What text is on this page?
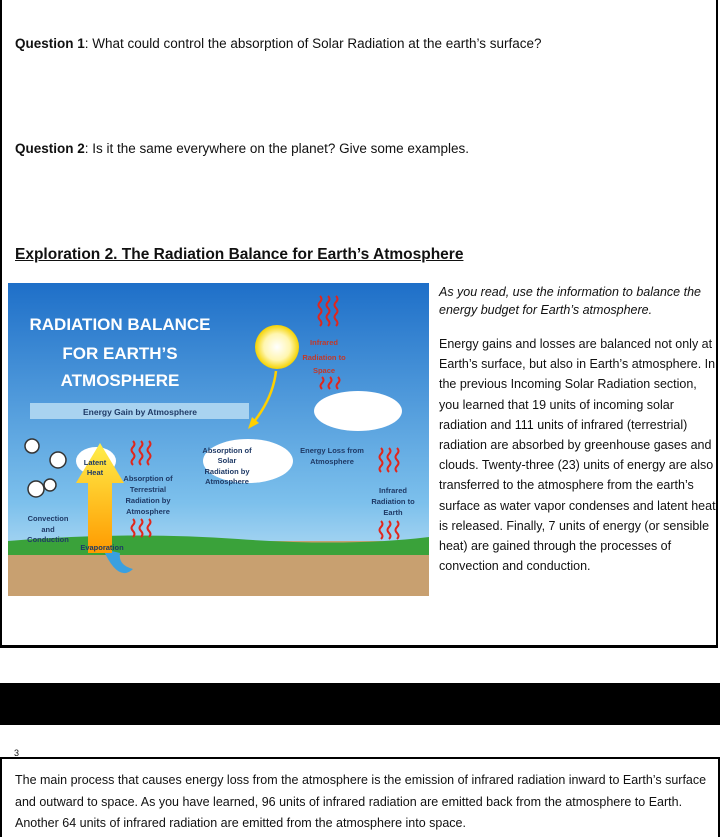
Question 1: What could control the absorption of Solar Radiation at the earth’s surface?
Question 2: Is it the same everywhere on the planet? Give some examples.
Exploration 2. The Radiation Balance for Earth’s Atmosphere
RADIATION BALANCE
FOR EARTH’S
ATMOSPHERE
Energy Gain by Atmosphere
Infrared
Radiation to
Space
Absorption of
Solar
Radiation by
Atmosphere
Energy Loss from
Atmosphere
Latent
Heat
Absorption of
Terrestrial
Radiation by
Atmosphere
Infrared
Radiation to
Earth
Convection
and
Conduction
Evaporation
As you read, use the information to balance the energy budget for Earth’s atmosphere.
Energy gains and losses are balanced not only at Earth’s surface, but also in Earth’s atmosphere. In the previous Incoming Solar Radiation section, you learned that 19 units of incoming solar radiation and 111 units of infrared (terrestrial) radiation are absorbed by greenhouse gases and clouds. Twenty-three (23) units of energy are also transferred to the atmosphere from the earth’s surface as water vapor condenses and latent heat is released. Finally, 7 units of energy (or sensible heat) are gained through the processes of convection and conduction.
3
The main process that causes energy loss from the atmosphere is the emission of infrared radiation inward to Earth’s surface and outward to space. As you have learned, 96 units of infrared radiation are emitted back from the atmosphere to Earth. Another 64 units of infrared radiation are emitted from the atmosphere into space.
